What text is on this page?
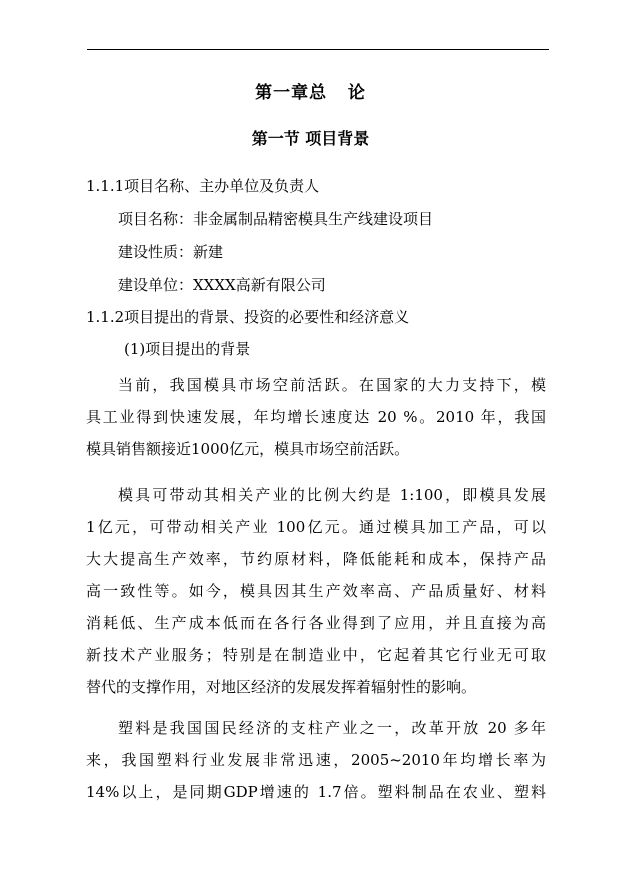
第一章总   论
第一节 项目背景
1.1.1项目名称、主办单位及负责人
项目名称：非金属制品精密模具生产线建设项目
建设性质：新建
建设单位：XXXX高新有限公司
1.1.2项目提出的背景、投资的必要性和经济意义
(1)项目提出的背景
当前，我国模具市场空前活跃。在国家的大力支持下，模
具工业得到快速发展，年均增长速度达 20 %。2010 年，我国
模具销售额接近1000亿元，模具市场空前活跃。
模具可带动其相关产业的比例大约是 1:100，即模具发展
1亿元，可带动相关产业 100亿元。通过模具加工产品，可以
大大提高生产效率，节约原材料，降低能耗和成本，保持产品
高一致性等。如今，模具因其生产效率高、产品质量好、材料
消耗低、生产成本低而在各行各业得到了应用，并且直接为高
新技术产业服务；特别是在制造业中，它起着其它行业无可取
替代的支撑作用，对地区经济的发展发挥着辐射性的影响。
塑料是我国国民经济的支柱产业之一，改革开放 20 多年
来，我国塑料行业发展非常迅速，2005~2010年均增长率为
14%以上，是同期GDP增速的 1.7倍。塑料制品在农业、塑料
